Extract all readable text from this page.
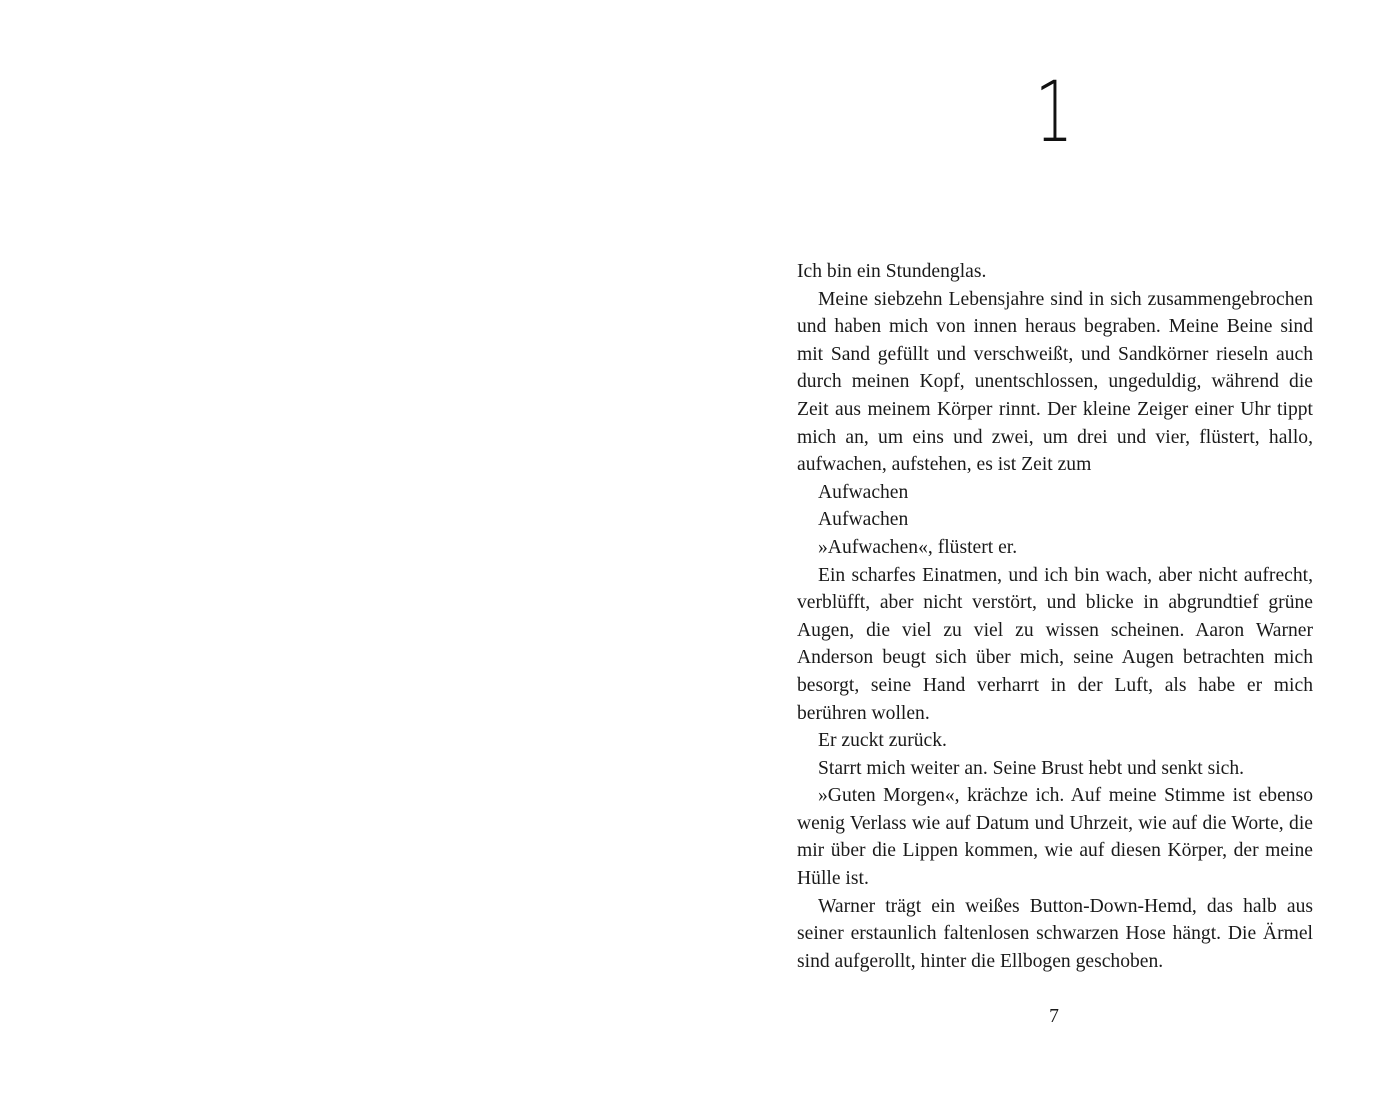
1

Ich bin ein Stundenglas.

Meine siebzehn Lebensjahre sind in sich zusammengebrochen und haben mich von innen heraus begraben. Meine Beine sind mit Sand gefüllt und verschweißt, und Sandkörner rieseln auch durch meinen Kopf, unentschlossen, ungeduldig, während die Zeit aus meinem Körper rinnt. Der kleine Zeiger einer Uhr tippt mich an, um eins und zwei, um drei und vier, flüstert, hallo, aufwachen, aufstehen, es ist Zeit zum

Aufwachen

Aufwachen

»Aufwachen«, flüstert er.

Ein scharfes Einatmen, und ich bin wach, aber nicht aufrecht, verblüfft, aber nicht verstört, und blicke in abgrundtief grüne Augen, die viel zu viel zu wissen scheinen. Aaron Warner Anderson beugt sich über mich, seine Augen betrachten mich besorgt, seine Hand verharrt in der Luft, als habe er mich berühren wollen.

Er zuckt zurück.

Starrt mich weiter an. Seine Brust hebt und senkt sich.

»Guten Morgen«, krächze ich. Auf meine Stimme ist ebenso wenig Verlass wie auf Datum und Uhrzeit, wie auf die Worte, die mir über die Lippen kommen, wie auf diesen Körper, der meine Hülle ist.

Warner trägt ein weißes Button-Down-Hemd, das halb aus seiner erstaunlich faltenlosen schwarzen Hose hängt. Die Ärmel sind aufgerollt, hinter die Ellbogen geschoben.

7
